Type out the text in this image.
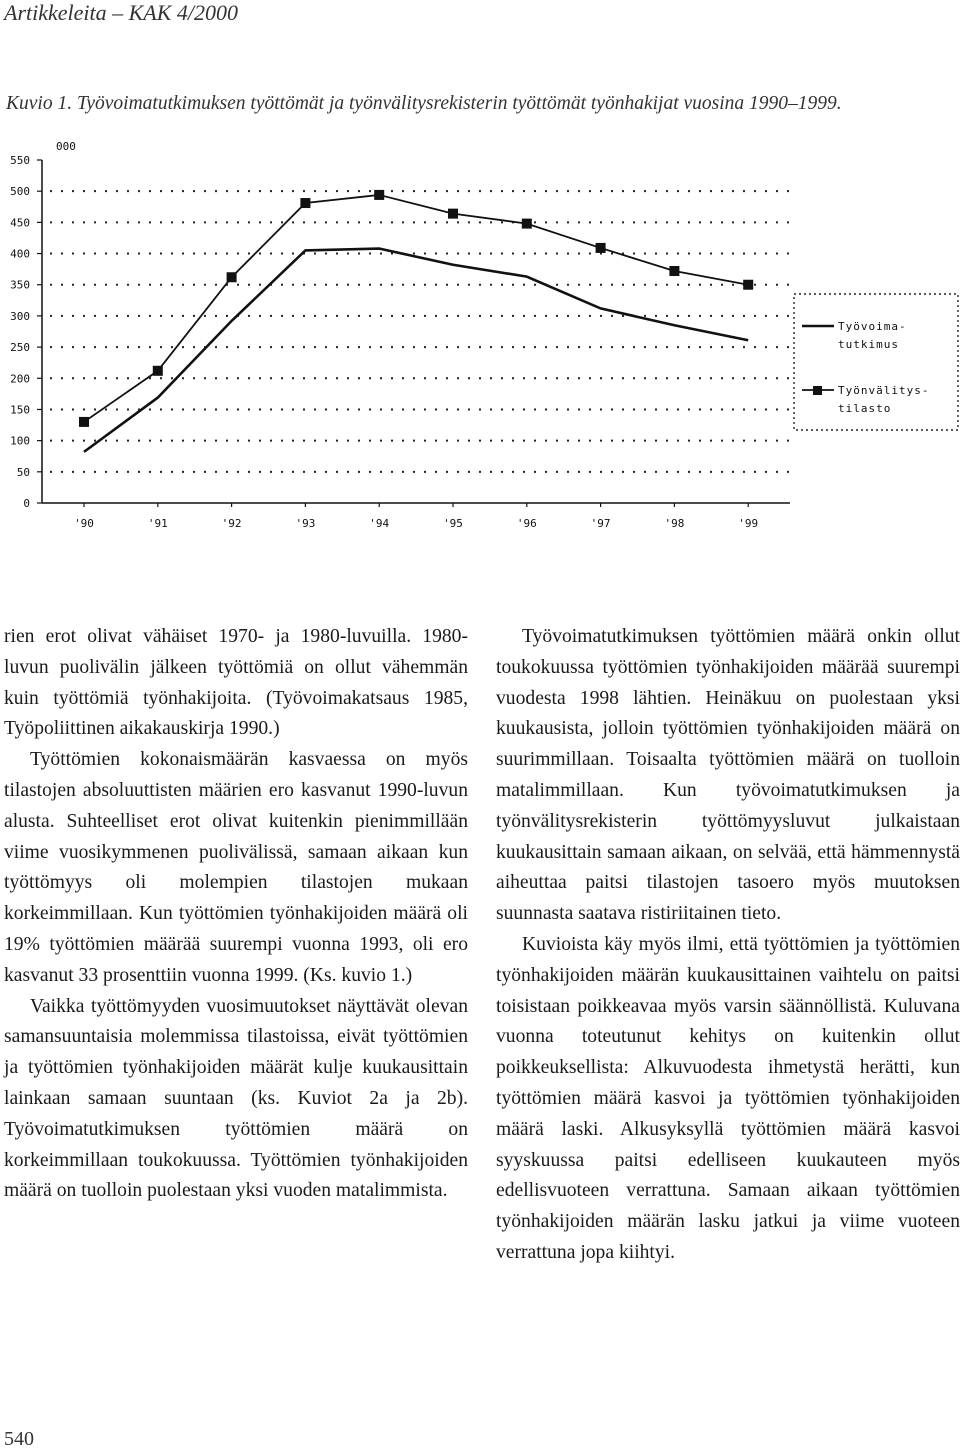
Artikkeleita – KAK 4/2000
Kuvio 1. Työvoimatutkimuksen työttömät ja työnvälitysrekisterin työttömät työnhakijat vuosina 1990–1999.
0
50
100
150
200
250
300
350
400
450
500
550
000
'90	'91	'92	'93	'94	'95	'96	'97	'98	'99
Työvoima-
tutkimus
Työnvälitys-
tilasto

rien erot olivat vähäiset 1970- ja 1980-luvuilla. 1980-luvun puolivälin jälkeen työttömiä on ollut vähemmän kuin työttömiä työnhakijoita. (Työvoimakatsaus 1985, Työpoliittinen aikakauskirja 1990.)

Työttömien kokonaismäärän kasvaessa on myös tilastojen absoluuttisten määrien ero kasvanut 1990-luvun alusta. Suhteelliset erot olivat kuitenkin pienimmillään viime vuosikymmenen puolivälissä, samaan aikaan kun työttömyys oli molempien tilastojen mukaan korkeimmillaan. Kun työttömien työnhakijoiden määrä oli 19% työttömien määrää suurempi vuonna 1993, oli ero kasvanut 33 prosenttiin vuonna 1999. (Ks. kuvio 1.)

Vaikka työttömyyden vuosimuutokset näyttävät olevan samansuuntaisia molemmissa tilastoissa, eivät työttömien ja työttömien työnhakijoiden määrät kulje kuukausittain lainkaan samaan suuntaan (ks. Kuviot 2a ja 2b). Työvoimatutkimuksen työttömien määrä on korkeimmillaan toukokuussa. Työttömien työnhakijoiden määrä on tuolloin puolestaan yksi vuoden matalimmista.

Työvoimatutkimuksen työttömien määrä onkin ollut toukokuussa työttömien työnhakijoiden määrää suurempi vuodesta 1998 lähtien. Heinäkuu on puolestaan yksi kuukausista, jolloin työttömien työnhakijoiden määrä on suurimmillaan. Toisaalta työttömien määrä on tuolloin matalimmillaan. Kun työvoimatutkimuksen ja työnvälitysrekisterin työttömyysluvut julkaistaan kuukausittain samaan aikaan, on selvää, että hämmennystä aiheuttaa paitsi tilastojen tasoero myös muutoksen suunnasta saatava ristiriitainen tieto.

Kuvioista käy myös ilmi, että työttömien ja työttömien työnhakijoiden määrän kuukausittainen vaihtelu on paitsi toisistaan poikkeavaa myös varsin säännöllistä. Kuluvana vuonna toteutunut kehitys on kuitenkin ollut poikkeuksellista: Alkuvuodesta ihmetystä herätti, kun työttömien määrä kasvoi ja työttömien työnhakijoiden määrä laski. Alkusyksyllä työttömien määrä kasvoi syyskuussa paitsi edelliseen kuukauteen myös edellisvuoteen verrattuna. Samaan aikaan työttömien työnhakijoiden määrän lasku jatkui ja viime vuoteen verrattuna jopa kiihtyi.

540
